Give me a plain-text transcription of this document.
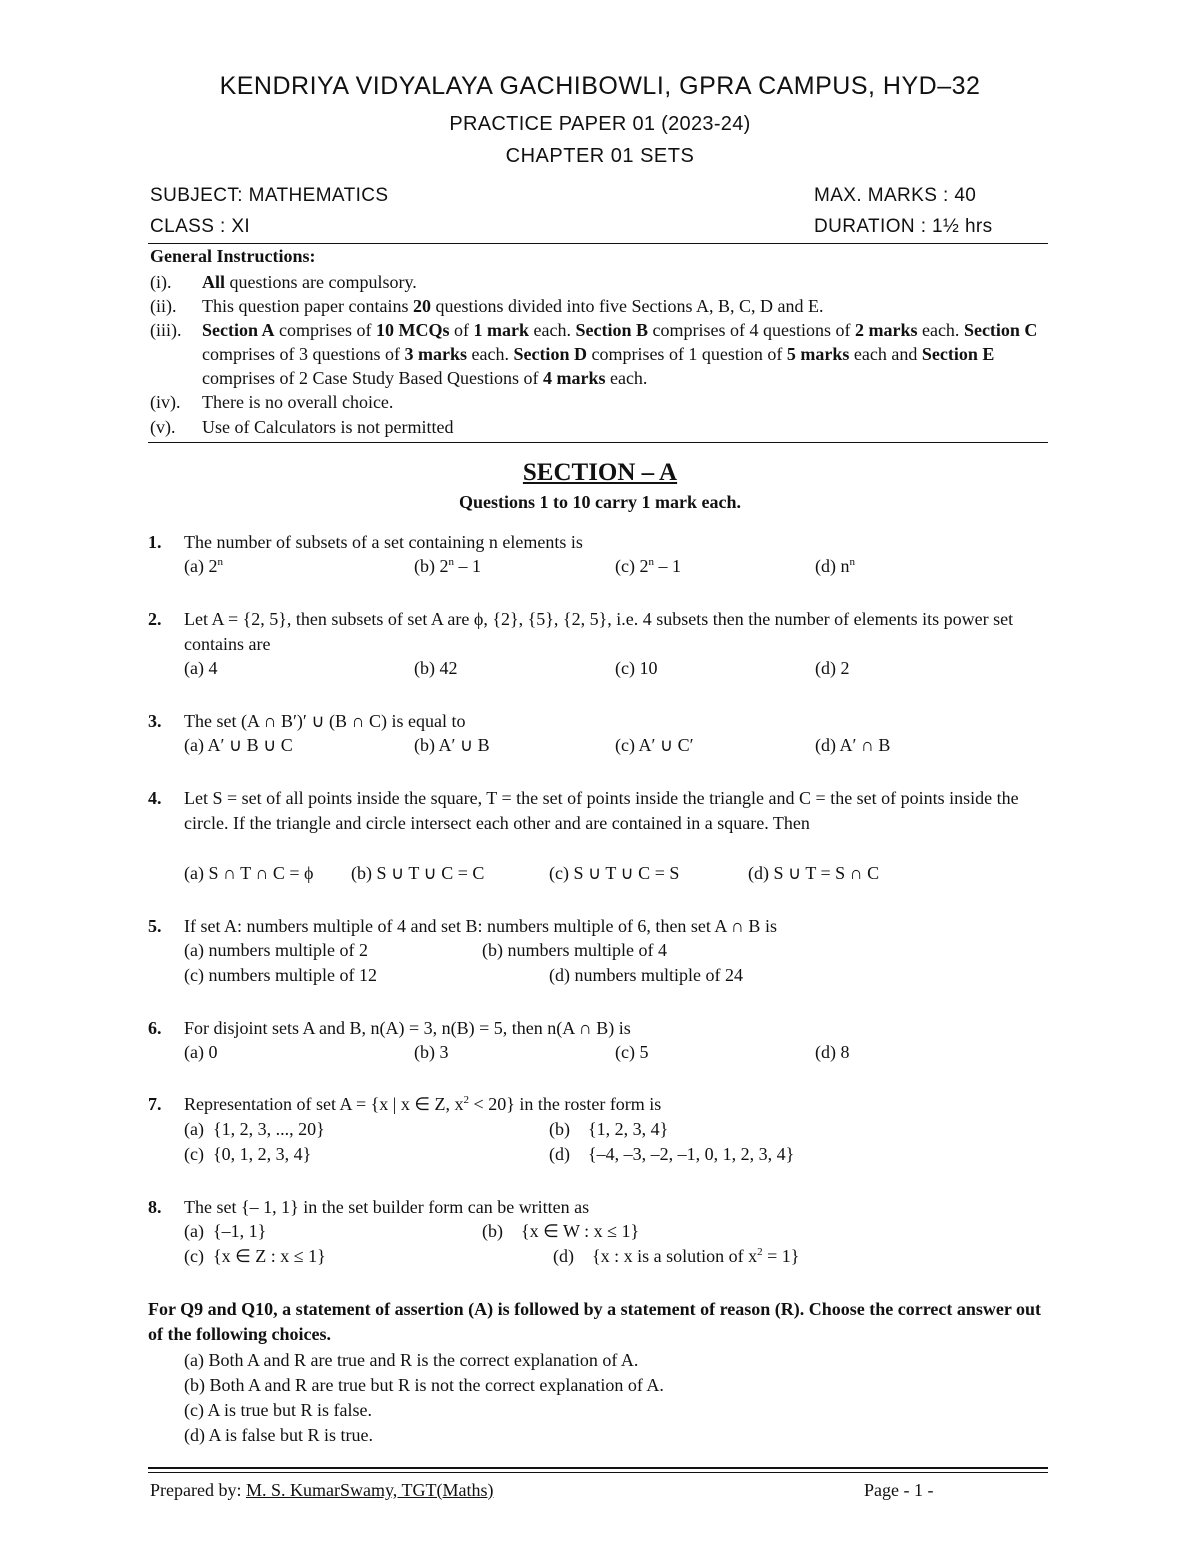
KENDRIYA VIDYALAYA GACHIBOWLI, GPRA CAMPUS, HYD–32
PRACTICE PAPER 01 (2023-24)
CHAPTER 01 SETS
SUBJECT: MATHEMATICS	MAX. MARKS : 40
CLASS : XI	DURATION : 1½ hrs
General Instructions:
(i). All questions are compulsory.
(ii). This question paper contains 20 questions divided into five Sections A, B, C, D and E.
(iii). Section A comprises of 10 MCQs of 1 mark each. Section B comprises of 4 questions of 2 marks each. Section C comprises of 3 questions of 3 marks each. Section D comprises of 1 question of 5 marks each and Section E comprises of 2 Case Study Based Questions of 4 marks each.
(iv). There is no overall choice.
(v). Use of Calculators is not permitted
SECTION – A
Questions 1 to 10 carry 1 mark each.
1. The number of subsets of a set containing n elements is
(a) 2$^n$	(b) 2$^n$ – 1	(c) 2$^n$ – 1	(d) $n^n$
2. Let A = {2, 5}, then subsets of set A are ϕ, {2}, {5}, {2, 5}, i.e. 4 subsets then the number of elements its power set contains are
(a) 4	(b) 42	(c) 10	(d) 2
3. The set (A ∩ B′)′ ∪ (B ∩ C) is equal to
(a) A′ ∪ B ∪ C	(b) A′ ∪ B	(c) A′ ∪ C′	(d) A′ ∩ B
4. Let S = set of all points inside the square, T = the set of points inside the triangle and C = the set of points inside the circle. If the triangle and circle intersect each other and are contained in a square. Then
(a) S ∩ T ∩ C = ϕ (b) S ∪ T ∪ C = C	(c) S ∪ T ∪ C = S	(d) S ∪ T = S ∩ C
5. If set A: numbers multiple of 4 and set B: numbers multiple of 6, then set A ∩ B is
(a) numbers multiple of 2	(b) numbers multiple of 4
(c) numbers multiple of 12	(d) numbers multiple of 24
6. For disjoint sets A and B, n(A) = 3, n(B) = 5, then n(A ∩ B) is
(a) 0	(b) 3	(c) 5	(d) 8
7. Representation of set A = {x | x ∈ Z, $x^2 < 20$} in the roster form is
(a)  {1, 2, 3, ..., 20}	(b)    {1, 2, 3, 4}
(c)  {0, 1, 2, 3, 4}	(d)    {–4, –3, –2, –1, 0, 1, 2, 3, 4}
8. The set {– 1, 1} in the set builder form can be written as
(a)  {–1, 1}	(b)    {x ∈ W : x ≤ 1}
(c)  {x ∈ Z : x ≤ 1}	(d)    {x : x is a solution of $x^2 = 1$}
For Q9 and Q10, a statement of assertion (A) is followed by a statement of reason (R). Choose the correct answer out of the following choices.
(a) Both A and R are true and R is the correct explanation of A.
(b) Both A and R are true but R is not the correct explanation of A.
(c) A is true but R is false.
(d) A is false but R is true.
Prepared by: M. S. KumarSwamy, TGT(Maths)	Page - 1 -
